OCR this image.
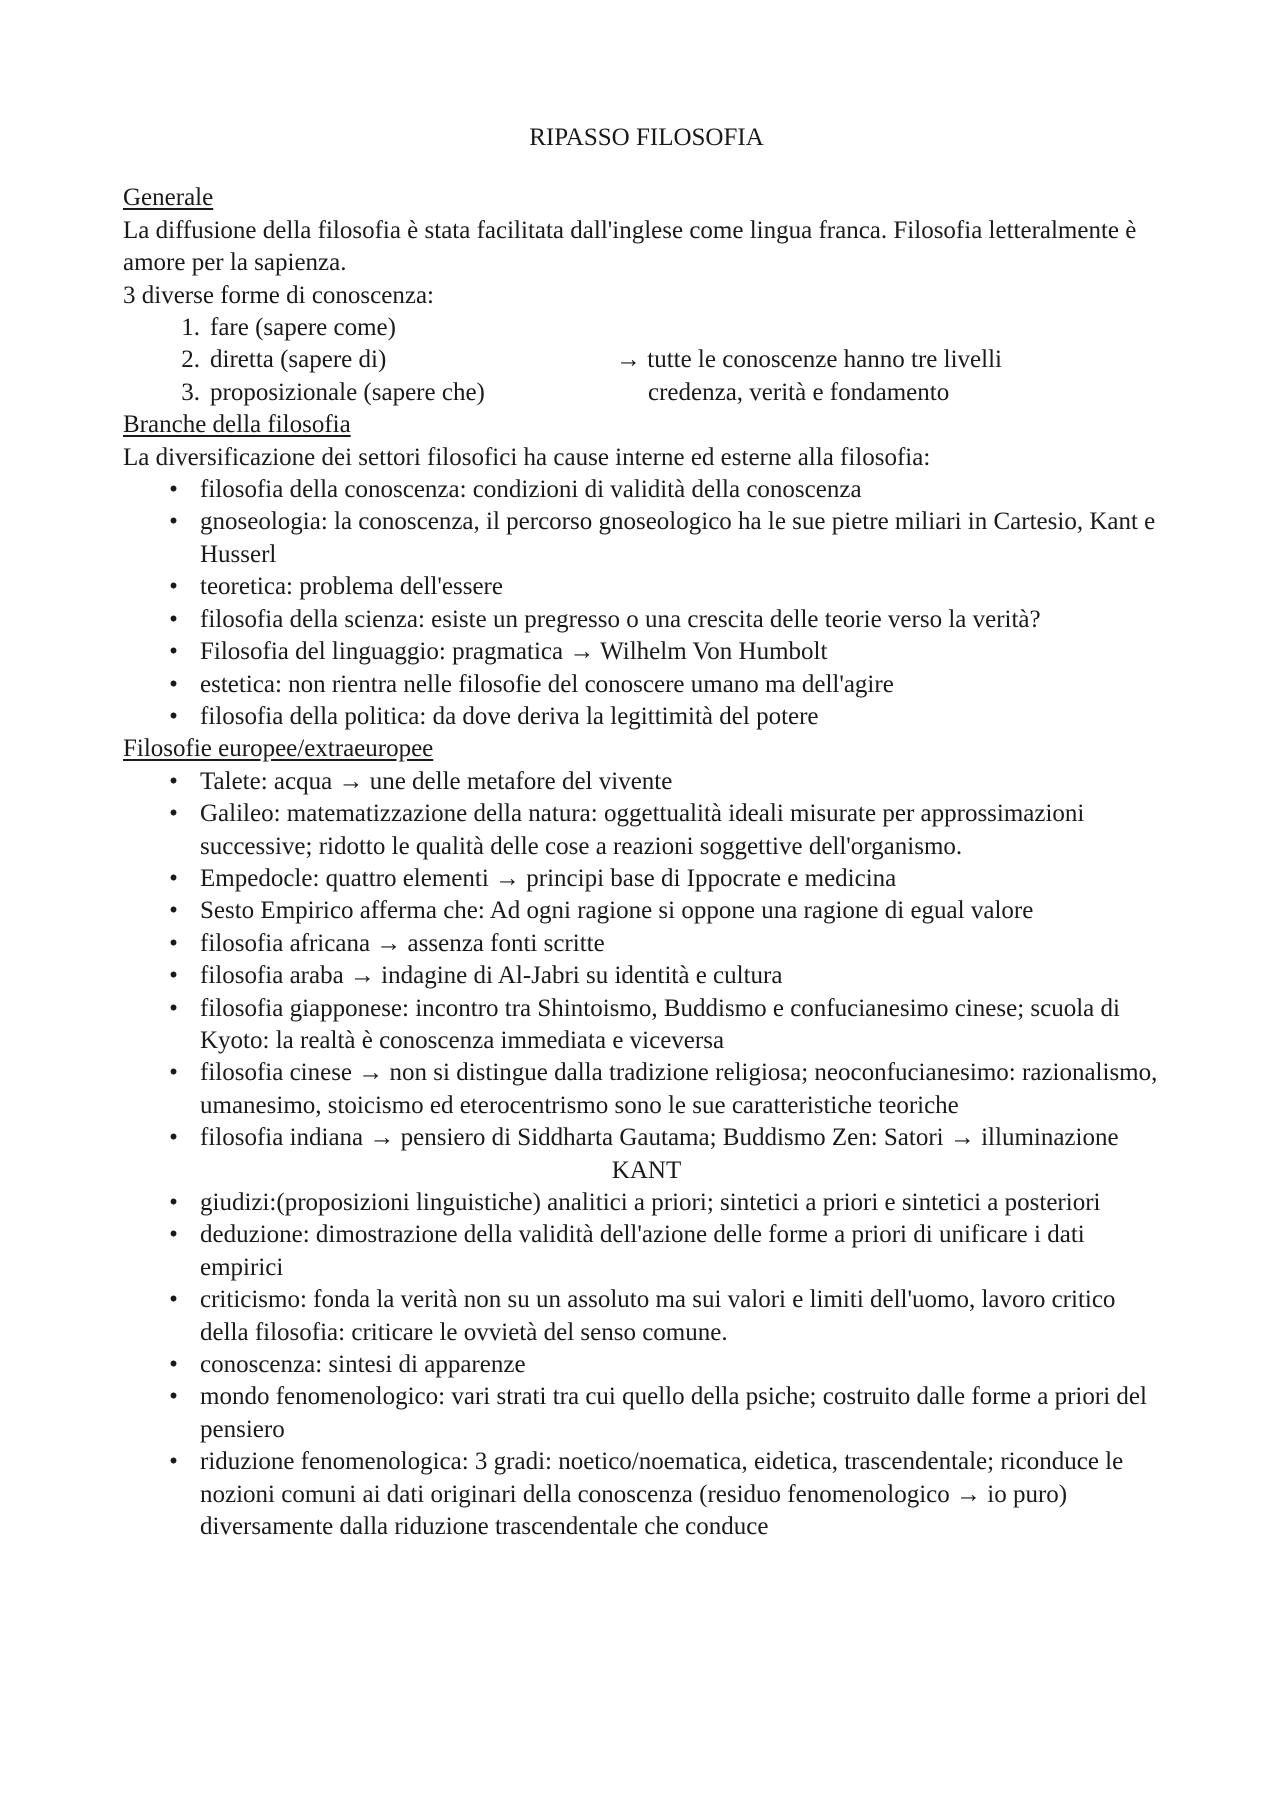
RIPASSO FILOSOFIA
Generale

La diffusione della filosofia è stata facilitata dall'inglese come lingua franca. Filosofia letteralmente è amore per la sapienza.

3 diverse forme di conoscenza:

1. fare (sapere come)
2. diretta (sapere di)	→ tutte le conoscenze hanno tre livelli
3. proposizionale (sapere che)	credenza, verità e fondamento
Branche della filosofia

La diversificazione dei settori filosofici ha cause interne ed esterne alla filosofia:

• filosofia della conoscenza: condizioni di validità della conoscenza
• gnoseologia: la conoscenza, il percorso gnoseologico ha le sue pietre miliari in Cartesio, Kant e Husserl
• teoretica: problema dell'essere
• filosofia della scienza: esiste un pregresso o una crescita delle teorie verso la verità?
• Filosofia del linguaggio: pragmatica → Wilhelm Von Humbolt
• estetica: non rientra nelle filosofie del conoscere umano ma dell'agire
• filosofia della politica: da dove deriva la legittimità del potere
Filosofie europee/extraeuropee
• Talete: acqua → une delle metafore del vivente
• Galileo: matematizzazione della natura: oggettualità ideali misurate per approssimazioni successive; ridotto le qualità delle cose a reazioni soggettive dell'organismo.
• Empedocle: quattro elementi → principi base di Ippocrate e medicina
• Sesto Empirico afferma che: Ad ogni ragione si oppone una ragione di egual valore
• filosofia africana → assenza fonti scritte
• filosofia araba → indagine di Al-Jabri su identità e cultura
• filosofia giapponese: incontro tra Shintoismo, Buddismo e confucianesimo cinese; scuola di Kyoto: la realtà è conoscenza immediata e viceversa
• filosofia cinese → non si distingue dalla tradizione religiosa; neoconfucianesimo: razionalismo, umanesimo, stoicismo ed eterocentrismo sono le sue caratteristiche teoriche
• filosofia indiana → pensiero di Siddharta Gautama; Buddismo Zen: Satori → illuminazione
KANT
• giudizi:(proposizioni linguistiche) analitici a priori; sintetici a priori e sintetici a posteriori
• deduzione: dimostrazione della validità dell'azione delle forme a priori di unificare i dati empirici
• criticismo: fonda la verità non su un assoluto ma sui valori e limiti dell'uomo, lavoro critico della filosofia: criticare le ovvietà del senso comune.
• conoscenza: sintesi di apparenze
• mondo fenomenologico: vari strati tra cui quello della psiche; costruito dalle forme a priori del pensiero
• riduzione fenomenologica: 3 gradi: noetico/noematica, eidetica, trascendentale; riconduce le nozioni comuni ai dati originari della conoscenza (residuo fenomenologico → io puro) diversamente dalla riduzione trascendentale che conduce
